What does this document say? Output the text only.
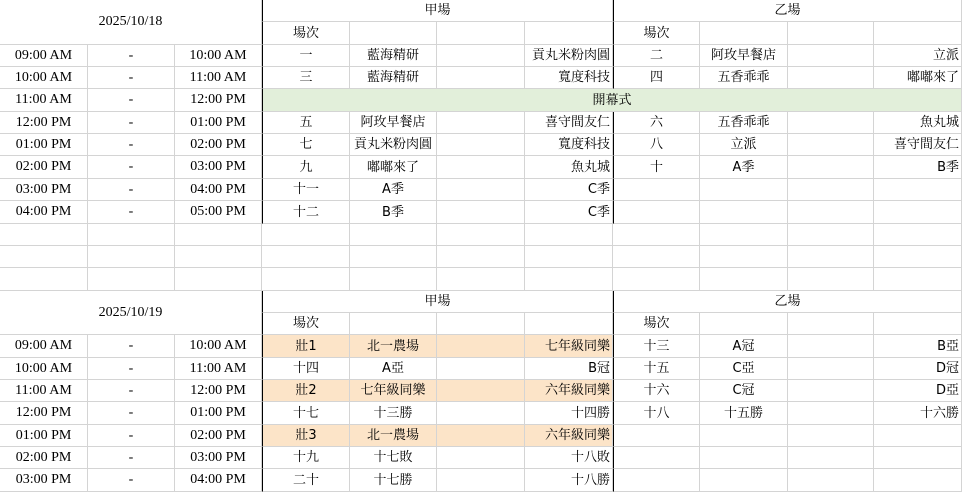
2025/10/18
甲場	乙場
場次	場次
09:00 AM	-	10:00 AM	一	藍海精研	貢丸米粉肉圓	二	阿玫早餐店	立派
10:00 AM	-	11:00 AM	三	藍海精研	寬度科技	四	五香乖乖	嘟嘟來了
11:00 AM	-	12:00 PM	開幕式
12:00 PM	-	01:00 PM	五	阿玫早餐店	喜守間友仁	六	五香乖乖	魚丸城
01:00 PM	-	02:00 PM	七	貢丸米粉肉圓	寬度科技	八	立派	喜守間友仁
02:00 PM	-	03:00 PM	九	嘟嘟來了	魚丸城	十	A季	B季
03:00 PM	-	04:00 PM	十一	A季	C季
04:00 PM	-	05:00 PM	十二	B季	C季
2025/10/19
甲場	乙場
場次	場次
09:00 AM	-	10:00 AM	壯1	北一農場	七年級同樂	十三	A冠	B亞
10:00 AM	-	11:00 AM	十四	A亞	B冠	十五	C亞	D冠
11:00 AM	-	12:00 PM	壯2	七年級同樂	六年級同樂	十六	C冠	D亞
12:00 PM	-	01:00 PM	十七	十三勝	十四勝	十八	十五勝	十六勝
01:00 PM	-	02:00 PM	壯3	北一農場	六年級同樂
02:00 PM	-	03:00 PM	十九	十七敗	十八敗
03:00 PM	-	04:00 PM	二十	十七勝	十八勝
